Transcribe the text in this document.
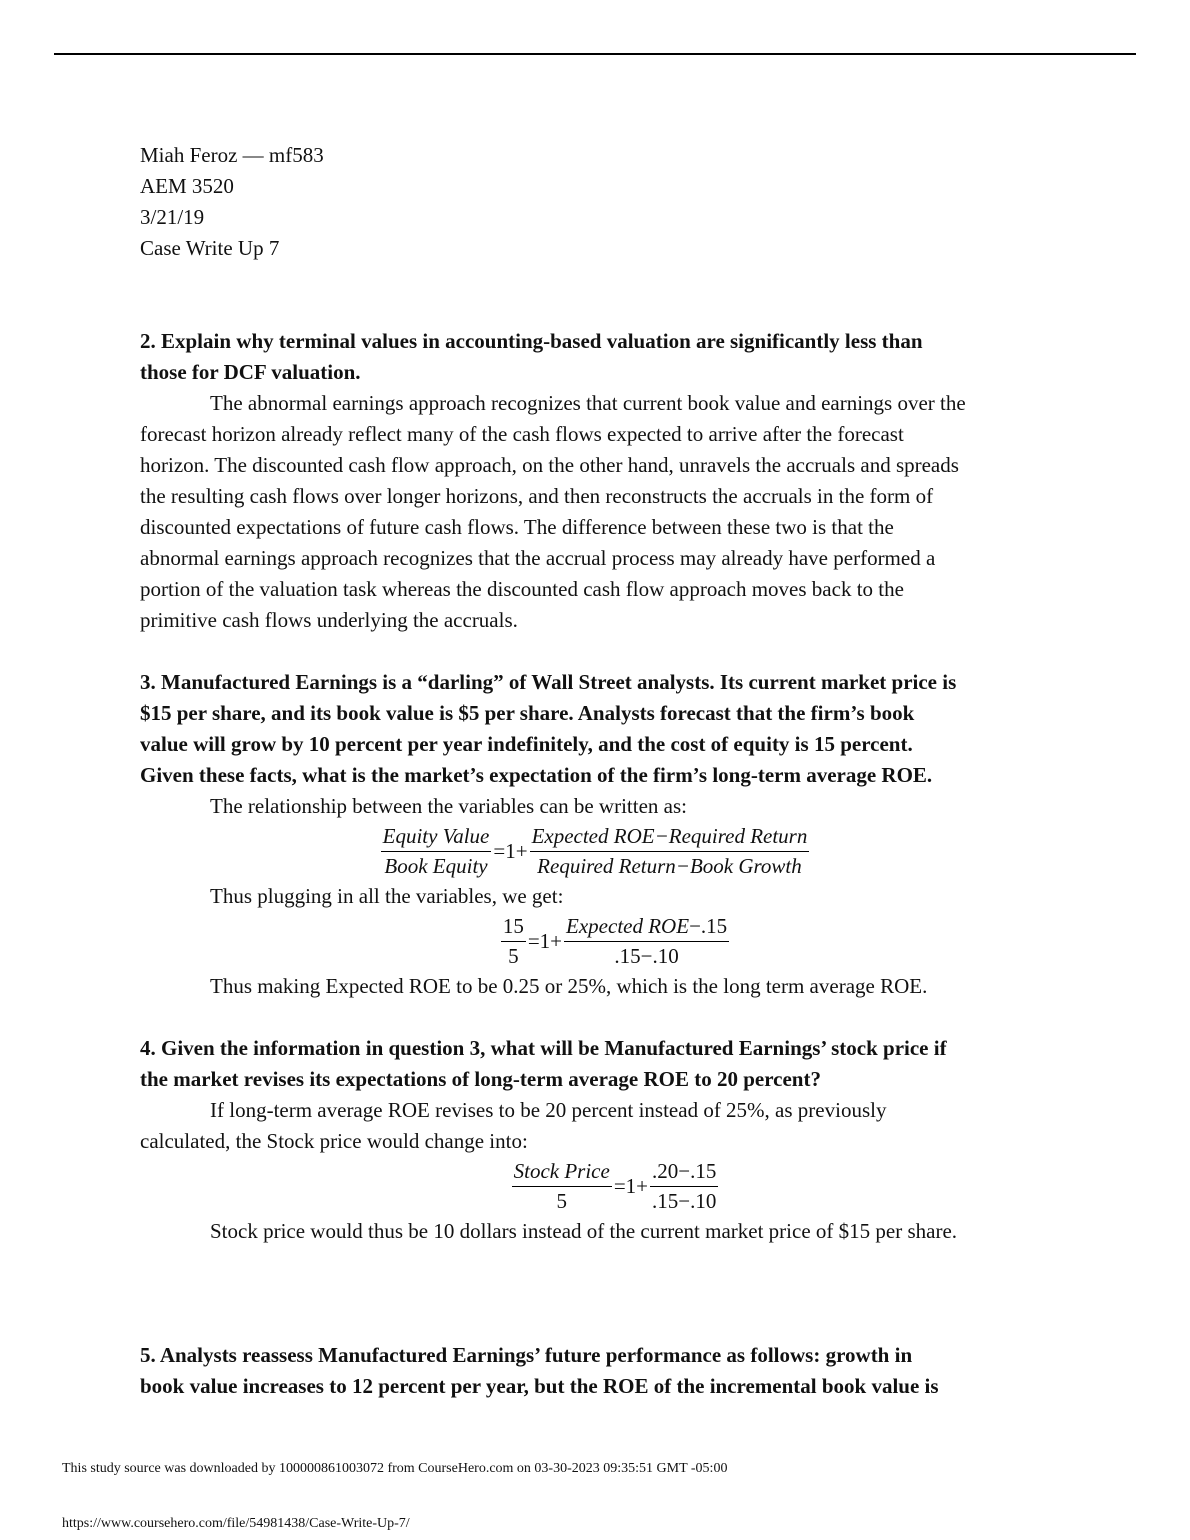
Miah Feroz — mf583

AEM 3520

3/21/19

Case Write Up 7

2. Explain why terminal values in accounting-based valuation are significantly less than

those for DCF valuation.

The abnormal earnings approach recognizes that current book value and earnings over the

forecast horizon already reflect many of the cash flows expected to arrive after the forecast

horizon. The discounted cash flow approach, on the other hand, unravels the accruals and spreads

the resulting cash flows over longer horizons, and then reconstructs the accruals in the form of

discounted expectations of future cash flows. The difference between these two is that the

abnormal earnings approach recognizes that the accrual process may already have performed a

portion of the valuation task whereas the discounted cash flow approach moves back to the

primitive cash flows underlying the accruals.

3. Manufactured Earnings is a “darling” of Wall Street analysts. Its current market price is

$15 per share, and its book value is $5 per share. Analysts forecast that the firm’s book

value will grow by 10 percent per year indefinitely, and the cost of equity is 15 percent.

Given these facts, what is the market’s expectation of the firm’s long-term average ROE.

The relationship between the variables can be written as:

$\frac{\text{Equity Value}}{\text{Book Equity}} =1+ \frac{\text{Expected ROE−Required Return}}{\text{Required Return−Book Growth}}$

Thus plugging in all the variables, we get:

$\frac{15}{5} =1+ \frac{\text{Expected ROE−.15}}{.15-.10}$

Thus making Expected ROE to be 0.25 or 25%, which is the long term average ROE.

4. Given the information in question 3, what will be Manufactured Earnings’ stock price if

the market revises its expectations of long-term average ROE to 20 percent?

If long-term average ROE revises to be 20 percent instead of 25%, as previously

calculated, the Stock price would change into:

$\frac{\text{Stock Price}}{5} =1+ \frac{.20-.15}{.15-.10}$

Stock price would thus be 10 dollars instead of the current market price of $15 per share.

5. Analysts reassess Manufactured Earnings’ future performance as follows: growth in

book value increases to 12 percent per year, but the ROE of the incremental book value is

This study source was downloaded by 100000861003072 from CourseHero.com on 03-30-2023 09:35:51 GMT -05:00
https://www.coursehero.com/file/54981438/Case-Write-Up-7/
